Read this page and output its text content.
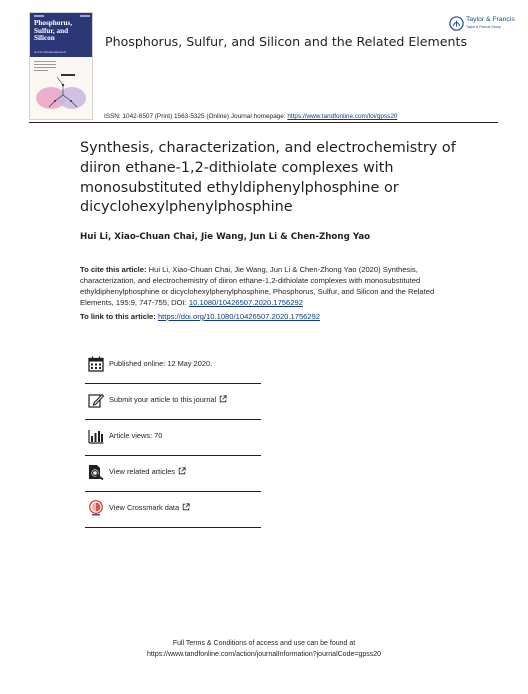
Phosphorus,
Sulfur, and
Silicon
and the Related Elements
Phosphorus, Sulfur, and Silicon and the Related Elements
Taylor & Francis
Taylor & Francis Group
ISSN: 1042-6507 (Print) 1563-5325 (Online) Journal homepage: https://www.tandfonline.com/loi/gpss20
Synthesis, characterization, and electrochemistry of diiron ethane-1,2-dithiolate complexes with monosubstituted ethyldiphenylphosphine or dicyclohexylphenylphosphine
Hui Li, Xiao-Chuan Chai, Jie Wang, Jun Li & Chen-Zhong Yao

To cite this article: Hui Li, Xiao-Chuan Chai, Jie Wang, Jun Li & Chen-Zhong Yao (2020) Synthesis, characterization, and electrochemistry of diiron ethane-1,2-dithiolate complexes with monosubstituted ethyldiphenylphosphine or dicyclohexylphenylphosphine, Phosphorus, Sulfur, and Silicon and the Related Elements, 195:9, 747-755, DOI: 10.1080/10426507.2020.1756292

To link to this article: https://doi.org/10.1080/10426507.2020.1756292

Published online: 12 May 2020.
Submit your article to this journal
Article views: 70
View related articles
View Crossmark data
Full Terms & Conditions of access and use can be found at
https://www.tandfonline.com/action/journalInformation?journalCode=gpss20
